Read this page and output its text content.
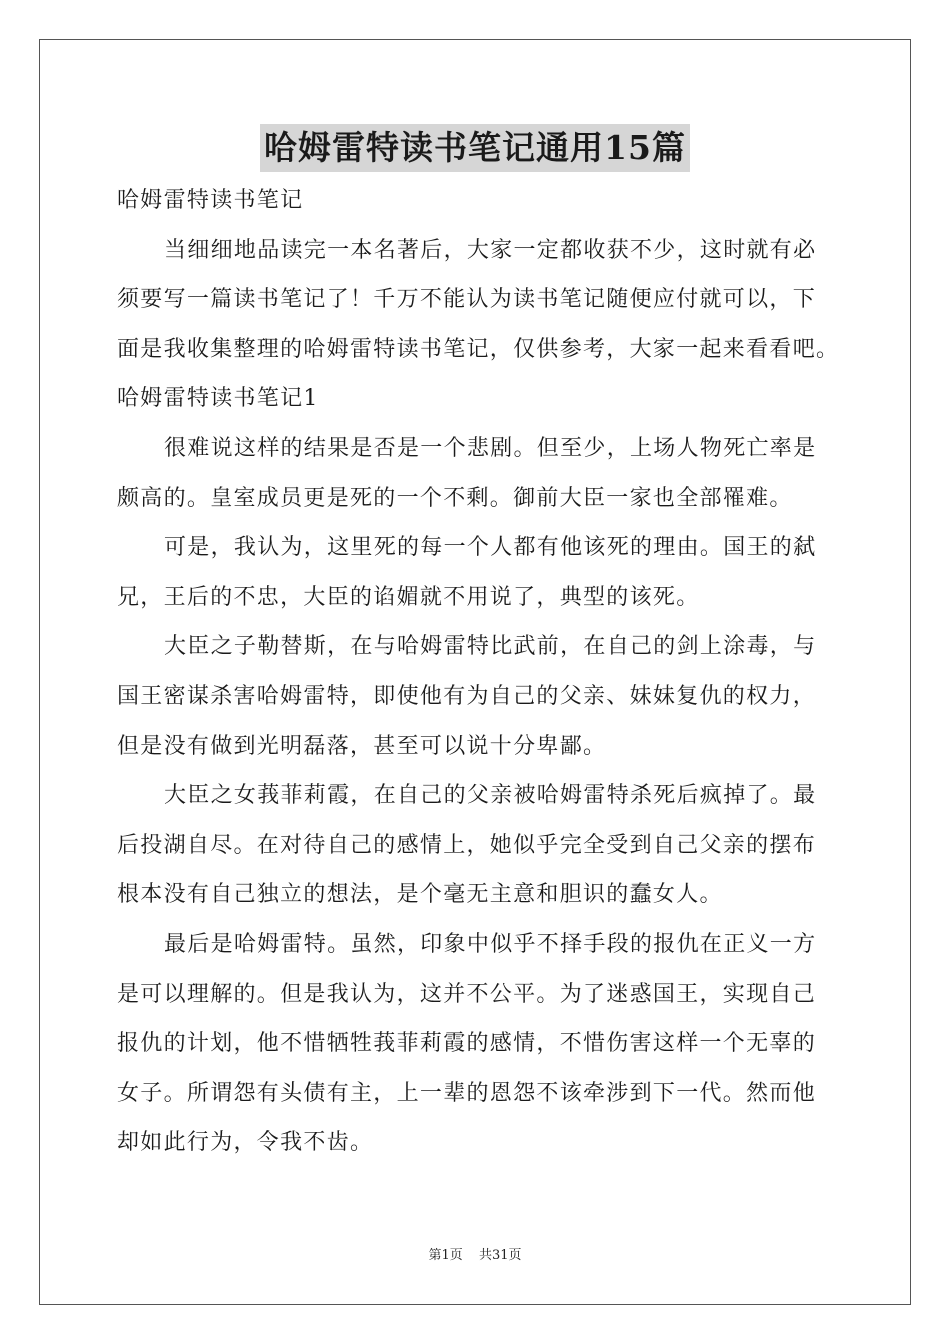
哈姆雷特读书笔记通用15篇
哈姆雷特读书笔记
当细细地品读完一本名著后，大家一定都收获不少，这时就有必
须要写一篇读书笔记了！千万不能认为读书笔记随便应付就可以，下
面是我收集整理的哈姆雷特读书笔记，仅供参考，大家一起来看看吧。
哈姆雷特读书笔记1
很难说这样的结果是否是一个悲剧。但至少，上场人物死亡率是
颇高的。皇室成员更是死的一个不剩。御前大臣一家也全部罹难。
可是，我认为，这里死的每一个人都有他该死的理由。国王的弑
兄，王后的不忠，大臣的谄媚就不用说了，典型的该死。
大臣之子勒替斯，在与哈姆雷特比武前，在自己的剑上涂毒，与
国王密谋杀害哈姆雷特，即使他有为自己的父亲、妹妹复仇的权力，
但是没有做到光明磊落，甚至可以说十分卑鄙。
大臣之女莪菲莉霞，在自己的父亲被哈姆雷特杀死后疯掉了。最
后投湖自尽。在对待自己的感情上，她似乎完全受到自己父亲的摆布
根本没有自己独立的想法，是个毫无主意和胆识的蠢女人。
最后是哈姆雷特。虽然，印象中似乎不择手段的报仇在正义一方
是可以理解的。但是我认为，这并不公平。为了迷惑国王，实现自己
报仇的计划，他不惜牺牲莪菲莉霞的感情，不惜伤害这样一个无辜的
女子。所谓怨有头债有主，上一辈的恩怨不该牵涉到下一代。然而他
却如此行为，令我不齿。
第1页 共31页
